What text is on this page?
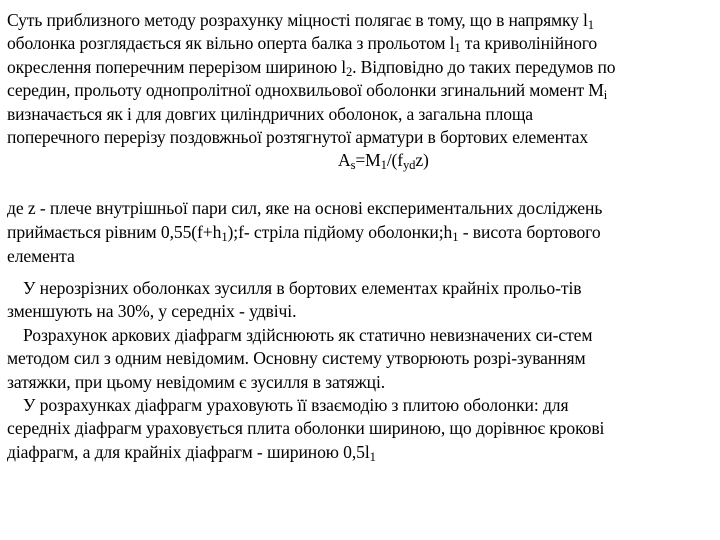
Суть приблизного методу розрахунку міцності полягає в тому, що в напрямку $l_1$
оболонка розглядається як вільно оперта балка з прольотом $l_1$ та криволінійного
окреслення поперечним перерізом шириною $l_2$. Відповідно до таких передумов по
середин, прольоту однопролітної однохвильової оболонки згинальний момент $M_i$
визначається як і для довгих циліндричних оболонок, а загальна площа
поперечного перерізу поздовжньої розтягнутої арматури в бортових елементах
$A_s=M_1/(f_{yd}z)$
де z - плече внутрішньої пари сил, яке на основі експериментальних досліджень
приймається рівним $0,55(f+h_1);f-$ стріла підйому $оболонки;h_1$ - висота бортового
елемента
У нерозрізних оболонках зусилля в бортових елементах крайніх прольо-тів
зменшують на 30%, у середніх - удвічі.
Розрахунок аркових діафрагм здійснюють як статично невизначених си-стем
методом сил з одним невідомим. Основну систему утворюють розрі-зуванням
затяжки, при цьому невідомим є зусилля в затяжці.
У розрахунках діафрагм ураховують її взаємодію з плитою оболонки: для
середніх діафрагм ураховується плита оболонки шириною, що дорівнює крокові
діафрагм, а для крайніх діафрагм - шириною $0,5l_1$
